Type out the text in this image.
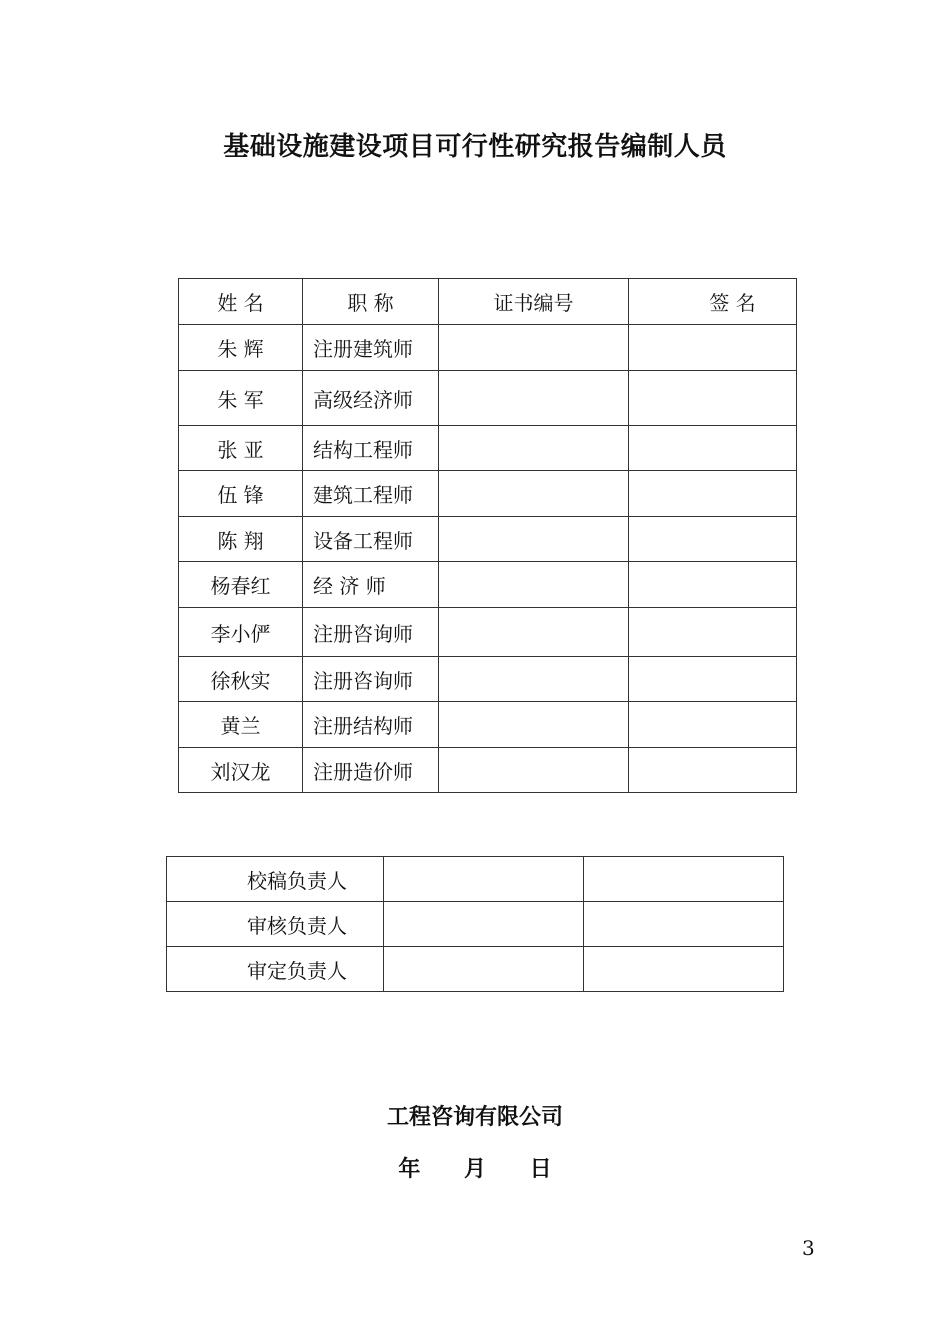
基础设施建设项目可行性研究报告编制人员
姓 名	职 称	证书编号	签 名
朱 辉	注册建筑师		
朱 军	高级经济师		
张 亚	结构工程师		
伍 锋	建筑工程师		
陈 翔	设备工程师		
杨春红	经 济 师		
李小俨	注册咨询师		
徐秋实	注册咨询师		
黄兰	注册结构师		
刘汉龙	注册造价师		
校稿负责人		
审核负责人		
审定负责人		
工程咨询有限公司
年 月 日
3
